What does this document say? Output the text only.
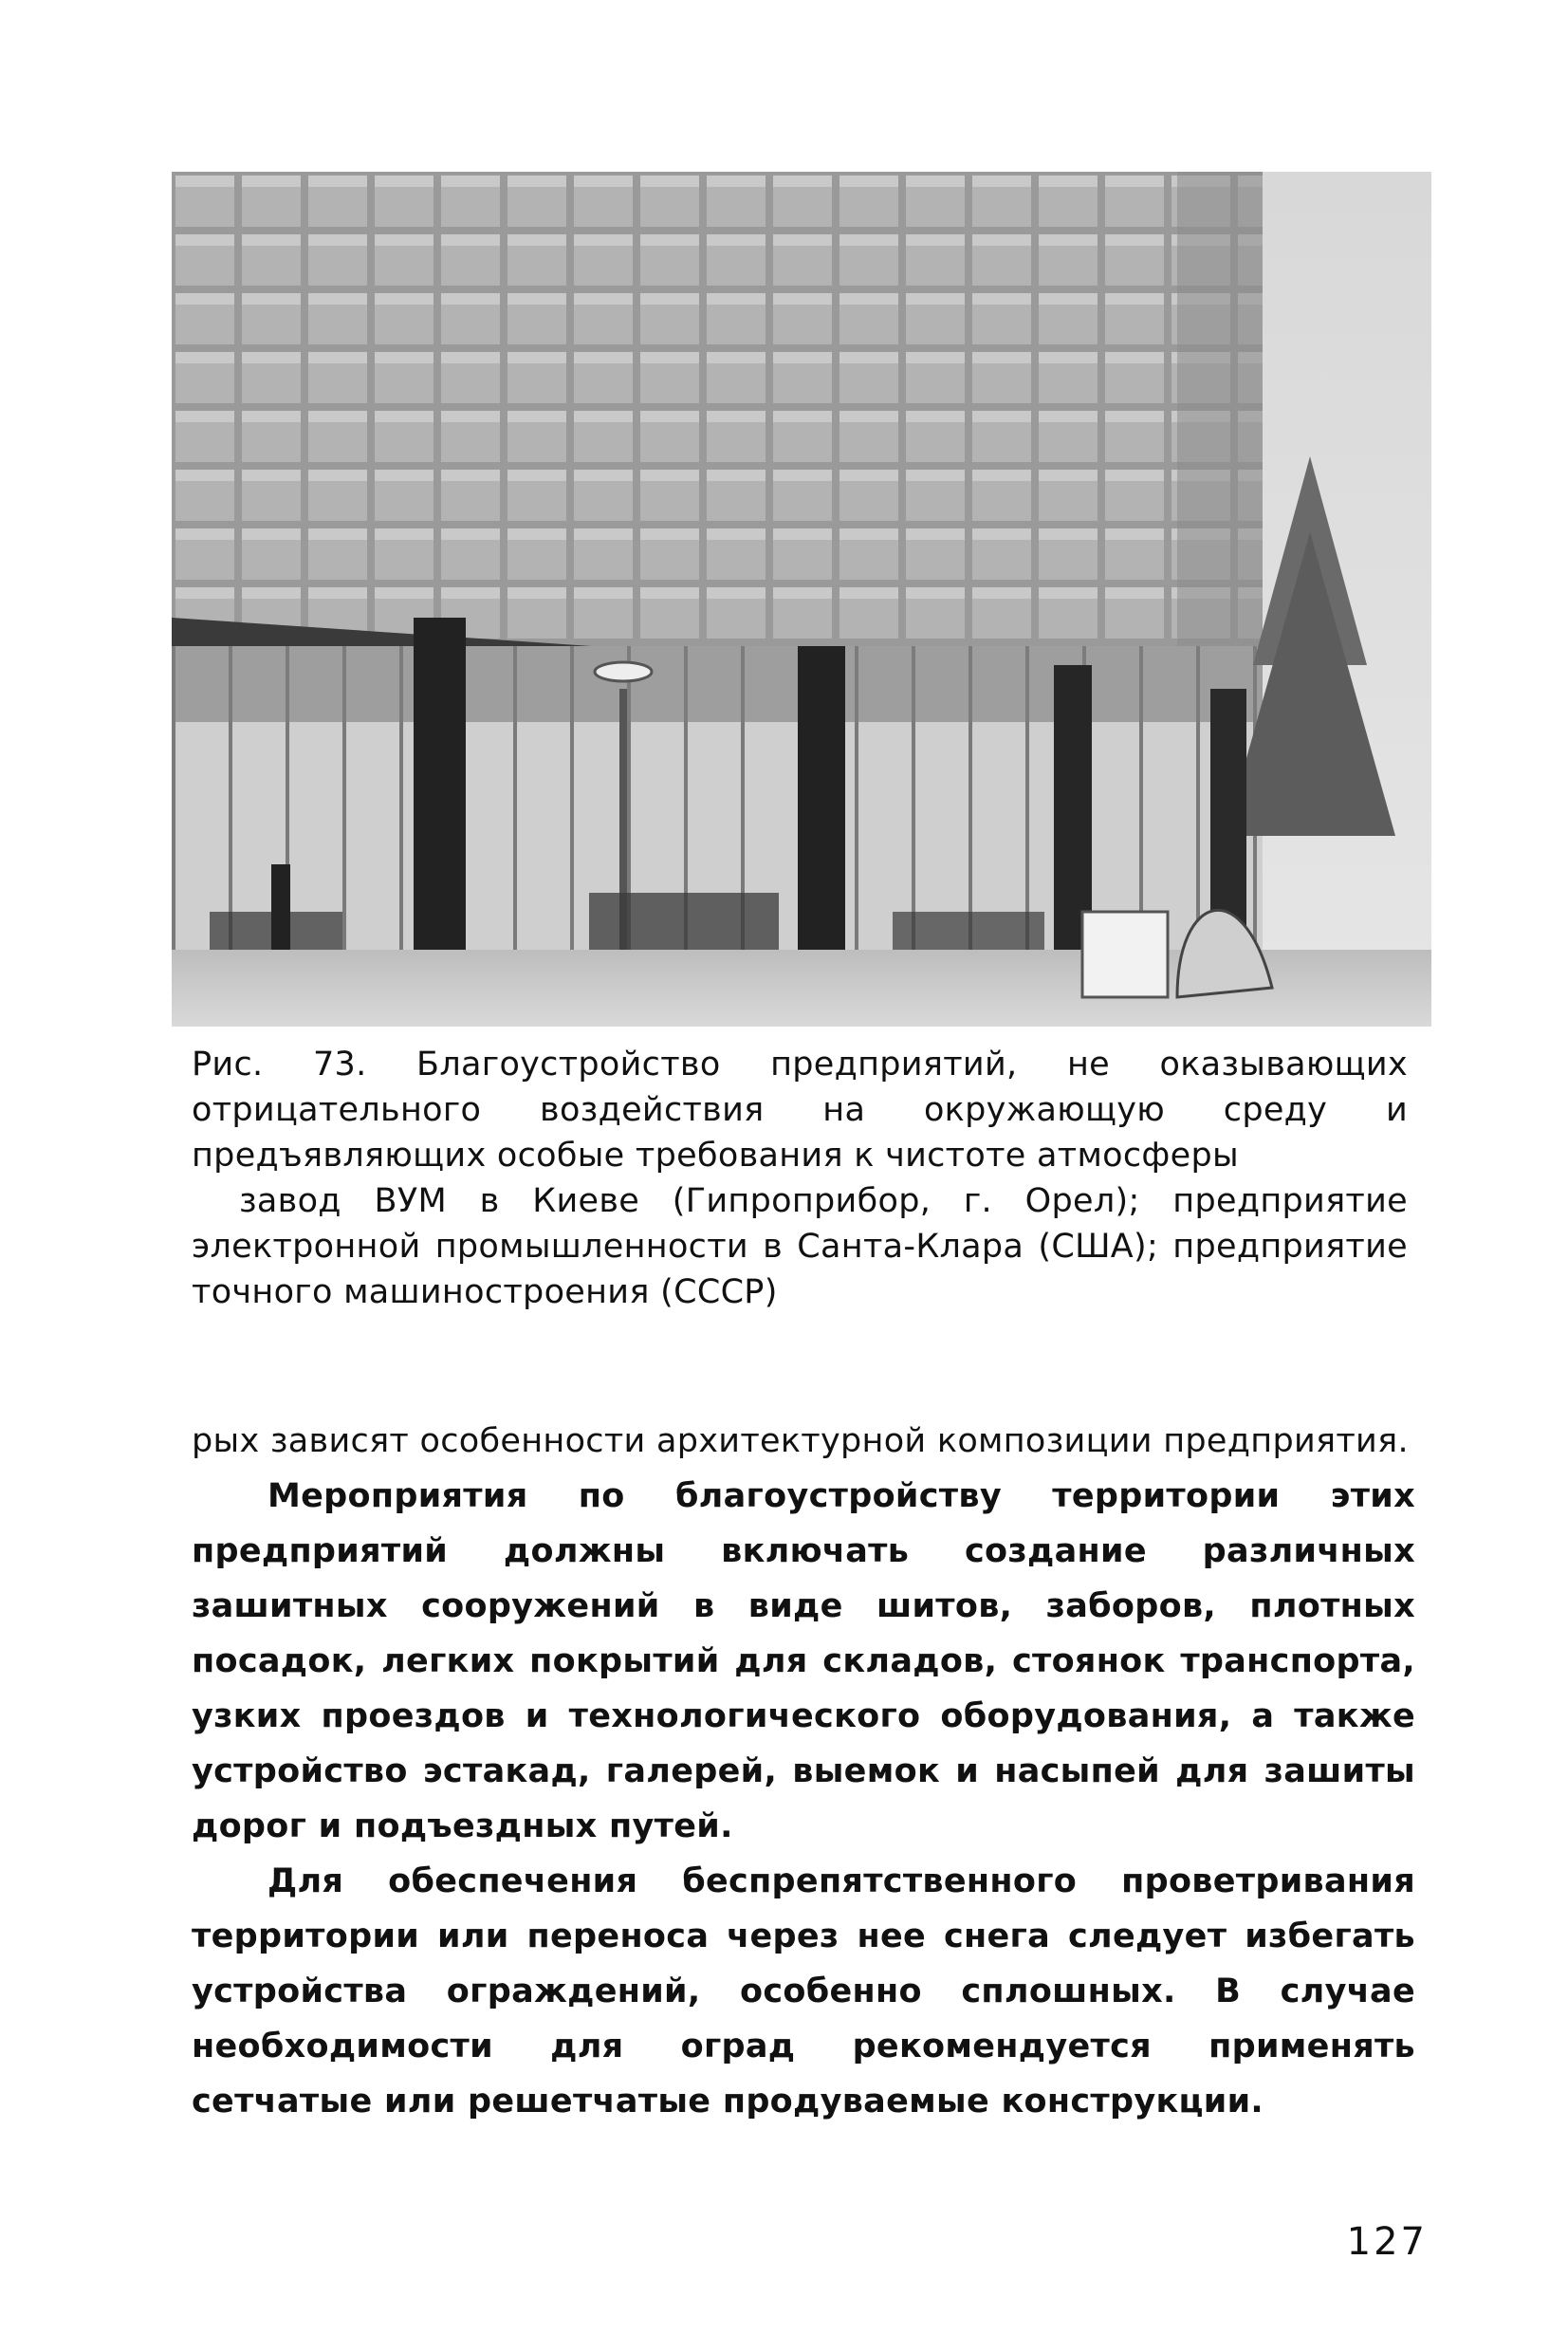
Рис. 73. Благоустройство предприятий, не оказывающих отрицательного воздействия на окружающую среду и предъявляющих особые требования к чистоте атмосферы

завод ВУМ в Киеве (Гипроприбор, г. Орел); предприятие электронной промышленности в Санта-Клара (США); предприятие точного машиностроения (СССР)

рых зависят особенности архитектурной композиции предприятия.

Мероприятия по благоустройству территории этих предприятий должны включать создание различных зашитных сооружений в виде шитов, заборов, плотных посадок, легких покрытий для складов, стоянок транспорта, узких проездов и технологического оборудования, а также устройство эстакад, галерей, выемок и насыпей для зашиты дорог и подъездных путей.

Для обеспечения беспрепятственного проветривания территории или переноса через нее снега следует избегать устройства ограждений, особенно сплошных. В случае необходимости для оград рекомендуется применять сетчатые или решетчатые продуваемые конструкции.

127
